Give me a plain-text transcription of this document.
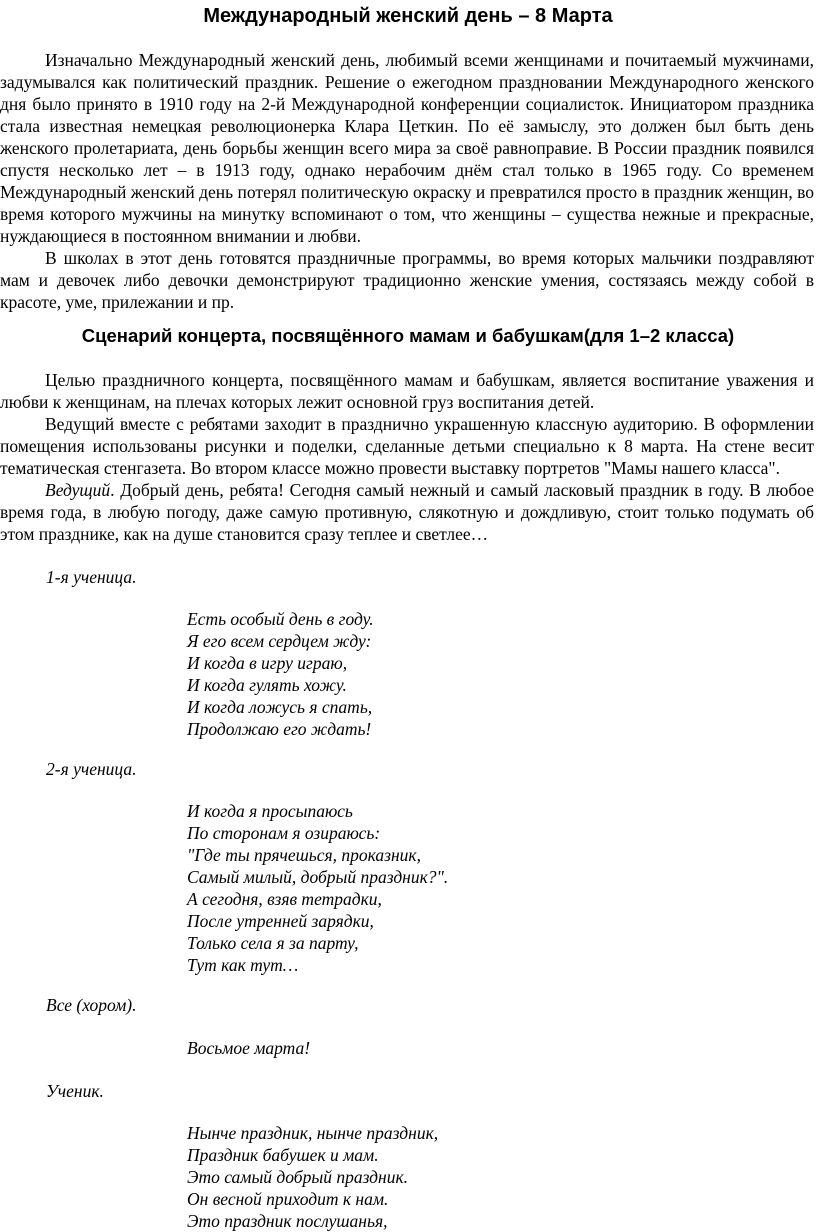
Международный женский день – 8 Марта

Изначально Международный женский день, любимый всеми женщинами и почитаемый мужчинами, задумывался как политический праздник. Решение о ежегодном праздновании Международного женского дня было принято в 1910 году на 2-й Международной конференции социалисток. Инициатором праздника стала известная немецкая революционерка Клара Цеткин. По её замыслу, это должен был быть день женского пролетариата, день борьбы женщин всего мира за своё равноправие. В России праздник появился спустя несколько лет – в 1913 году, однако нерабочим днём стал только в 1965 году. Со временем Международный женский день потерял политическую окраску и превратился просто в праздник женщин, во время которого мужчины на минутку вспоминают о том, что женщины – существа нежные и прекрасные, нуждающиеся в постоянном внимании и любви.

В школах в этот день готовятся праздничные программы, во время которых мальчики поздравляют мам и девочек либо девочки демонстрируют традиционно женские умения, состязаясь между собой в красоте, уме, прилежании и пр.

Сценарий концерта, посвящённого мамам и бабушкам(для 1–2 класса)

Целью праздничного концерта, посвящённого мамам и бабушкам, является воспитание уважения и любви к женщинам, на плечах которых лежит основной груз воспитания детей.

Ведущий вместе с ребятами заходит в празднично украшенную классную аудиторию. В оформлении помещения использованы рисунки и поделки, сделанные детьми специально к 8 марта. На стене весит тематическая стенгазета. Во втором классе можно провести выставку портретов "Мамы нашего класса".

Ведущий. Добрый день, ребята! Сегодня самый нежный и самый ласковый праздник в году. В любое время года, в любую погоду, даже самую противную, слякотную и дождливую, стоит только подумать об этом празднике, как на душе становится сразу теплее и светлее…

1-я ученица.
Есть особый день в году.
Я его всем сердцем жду:
И когда в игру играю,
И когда гулять хожу.
И когда ложусь я спать,
Продолжаю его ждать!
2-я ученица.
И когда я просыпаюсь
По сторонам я озираюсь:
"Где ты прячешься, проказник,
Самый милый, добрый праздник?".
А сегодня, взяв тетрадки,
После утренней зарядки,
Только села я за парту,
Тут как тут…
Все (хором).
Восьмое марта!
Ученик.
Нынче праздник, нынче праздник,
Праздник бабушек и мам.
Это самый добрый праздник.
Он весной приходит к нам.
Это праздник послушанья,
